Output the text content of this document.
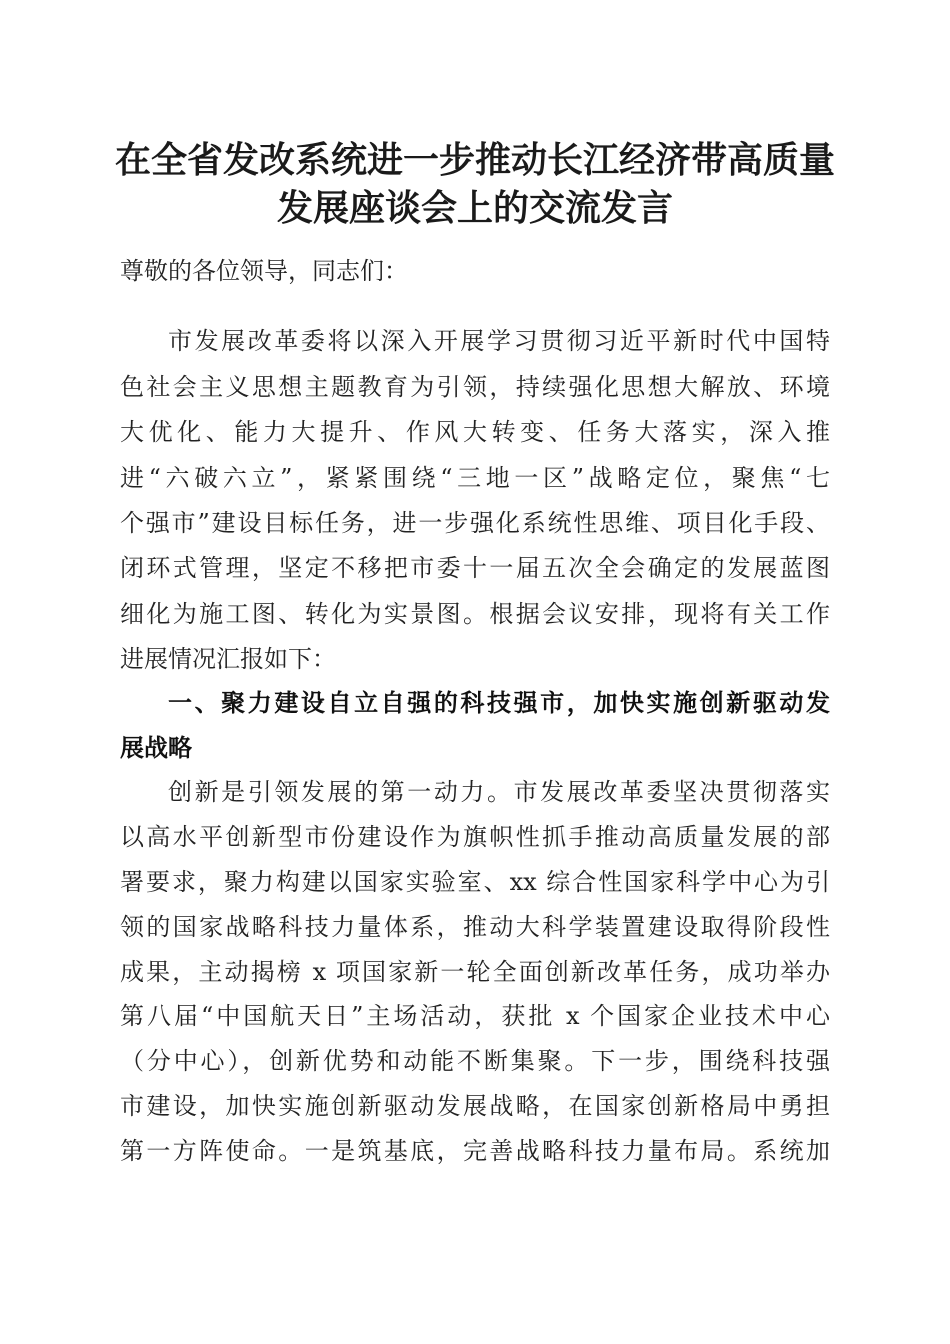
在全省发改系统进一步推动长江经济带高质量
发展座谈会上的交流发言
尊敬的各位领导，同志们：
市发展改革委将以深入开展学习贯彻习近平新时代中国特
色社会主义思想主题教育为引领，持续强化思想大解放、环境
大优化、能力大提升、作风大转变、任务大落实，深入推
进“六破六立”，紧紧围绕“三地一区”战略定位，聚焦“七
个强市”建设目标任务，进一步强化系统性思维、项目化手段、
闭环式管理，坚定不移把市委十一届五次全会确定的发展蓝图
细化为施工图、转化为实景图。根据会议安排，现将有关工作
进展情况汇报如下：
一、聚力建设自立自强的科技强市，加快实施创新驱动发
展战略
创新是引领发展的第一动力。市发展改革委坚决贯彻落实
以高水平创新型市份建设作为旗帜性抓手推动高质量发展的部
署要求，聚力构建以国家实验室、xx 综合性国家科学中心为引
领的国家战略科技力量体系，推动大科学装置建设取得阶段性
成果，主动揭榜 x 项国家新一轮全面创新改革任务，成功举办
第八届“中国航天日”主场活动，获批 x 个国家企业技术中心
（分中心），创新优势和动能不断集聚。下一步，围绕科技强
市建设，加快实施创新驱动发展战略，在国家创新格局中勇担
第一方阵使命。一是筑基底，完善战略科技力量布局。系统加
